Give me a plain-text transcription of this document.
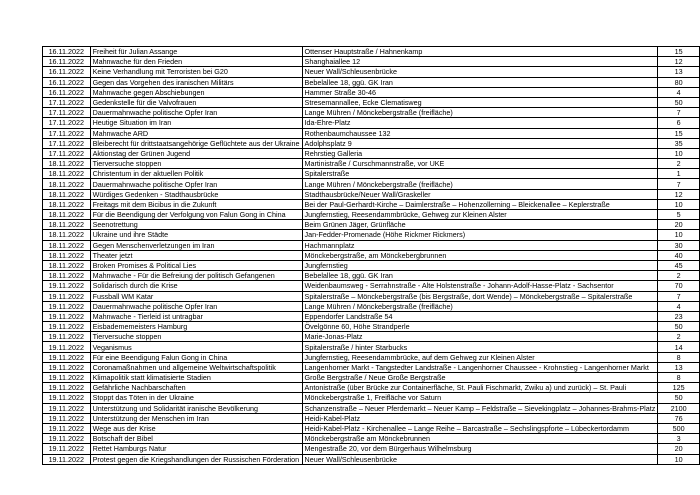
16.11.2022	Freiheit für Julian Assange	Ottenser Hauptstraße / Hahnenkamp	15
16.11.2022	Mahnwache für den Frieden	Shanghaiallee 12	12
16.11.2022	Keine Verhandlung mit Terroristen bei G20	Neuer Wall/Schleusenbrücke	13
16.11.2022	Gegen das Vorgehen des iranischen Militärs	Bebelallee 18, ggü. GK Iran	80
16.11.2022	Mahnwache gegen Abschiebungen	Hammer Straße 30-46	4
17.11.2022	Gedenkstelle für die Valvofrauen	Stresemannallee, Ecke Clematisweg	50
17.11.2022	Dauermahnwache politische Opfer Iran	Lange Mühren / Mönckebergstraße (freifläche)	7
17.11.2022	Heutige Situation im Iran	Ida-Ehre-Platz	6
17.11.2022	Mahnwache ARD	Rothenbaumchaussee 132	15
17.11.2022	Bleiberecht für drittstaatsangehörige Geflüchtete aus der Ukraine	Adolphsplatz 9	35
17.11.2022	Aktionstag der Grünen Jugend	Rehrstieg Galleria	10
18.11.2022	Tierversuche stoppen	Martinistraße / Curschmannstraße, vor UKE	2
18.11.2022	Christentum in der aktuellen Politik	Spitalerstraße	1
18.11.2022	Dauermahnwache politische Opfer Iran	Lange Mühren / Mönckebergstraße (freifläche)	7
18.11.2022	Würdiges Gedenken - Stadthausbrücke	Stadthausbrücke/Neuer Wall/Graskeller	12
18.11.2022	Freitags mit dem Bicibus in die Zukunft	Bei der Paul-Gerhardt-Kirche – Daimlerstraße – Hohenzollerning – Bleickenallee – Keplerstraße	10
18.11.2022	Für die Beendigung der Verfolgung von Falun Gong in China	Jungfernstieg, Reesendammbrücke, Gehweg zur Kleinen Alster	5
18.11.2022	Seenotrettung	Beim Grünen Jäger, Grünfläche	20
18.11.2022	Ukraine und ihre Städte	Jan-Fedder-Promenade (Höhe Rickmer Rickmers)	10
18.11.2022	Gegen Menschenverletzungen im Iran	Hachmannplatz	30
18.11.2022	Theater jetzt	Mönckebergstraße, am Mönckebergbrunnen	40
18.11.2022	Broken Promises & Political Lies	Jungfernstieg	45
18.11.2022	Mahnwache - Für die Befreiung der politisch Gefangenen	Bebelallee 18, ggü. GK Iran	2
19.11.2022	Solidarisch durch die Krise	Weidenbaumsweg - Serrahnstraße - Alte Holstenstraße - Johann-Adolf-Hasse-Platz - Sachsentor	70
19.11.2022	Fussball WM Katar	Spitalerstraße – Mönckebergstraße (bis Bergstraße, dort Wende) – Mönckebergstraße – Spitalerstraße	7
19.11.2022	Dauermahnwache politische Opfer Iran	Lange Mühren / Mönckebergstraße (freifläche)	4
19.11.2022	Mahnwache - Tierleid ist untragbar	Eppendorfer Landstraße 54	23
19.11.2022	Eisbadememeisters Hamburg	Övelgönne 60, Höhe Strandperle	50
19.11.2022	Tierversuche stoppen	Marie-Jonas-Platz	2
19.11.2022	Veganismus	Spitalerstraße / hinter Starbucks	14
19.11.2022	Für eine Beendigung Falun Gong in China	Jungfernstieg, Reesendammbrücke, auf dem Gehweg zur Kleinen Alster	8
19.11.2022	Coronamaßnahmen und allgemeine Weltwirtschaftspolitik	Langenhorner Markt - Tangstedter Landstraße - Langenhorner Chaussee - Krohnstieg - Langenhorner Markt	13
19.11.2022	Klimapolitik statt klimatisierte Stadien	Große Bergstraße / Neue Große Bergstraße	8
19.11.2022	Gefährliche Nachbarschaften	Antonistraße (über Brücke zur Containerfläche, St. Pauli Fischmarkt, Zwiku a) und zurück) – St. Pauli	125
19.11.2022	Stoppt das Töten in der Ukraine	Mönckebergstraße 1, Freifläche vor Saturn	50
19.11.2022	Unterstützung und Solidarität iranische Bevölkerung	Schanzenstraße – Neuer Pferdemarkt – Neuer Kamp – Feldstraße – Sievekingplatz – Johannes-Brahms-Platz	2100
19.11.2022	Unterstützung der Menschen im Iran	Heidi-Kabel-Platz	76
19.11.2022	Wege aus der Krise	Heidi-Kabel-Platz - Kirchenallee – Lange Reihe – Barcastraße – Sechslingspforte – Lübeckertordamm	500
19.11.2022	Botschaft der Bibel	Mönckebergstraße am Mönckebrunnen	3
19.11.2022	Rettet Hamburgs Natur	Mengestraße 20, vor dem Bürgerhaus Wilhelmsburg	20
19.11.2022	Protest gegen die Kriegshandlungen der Russischen Förderation	Neuer Wall/Schleusenbrücke	10
